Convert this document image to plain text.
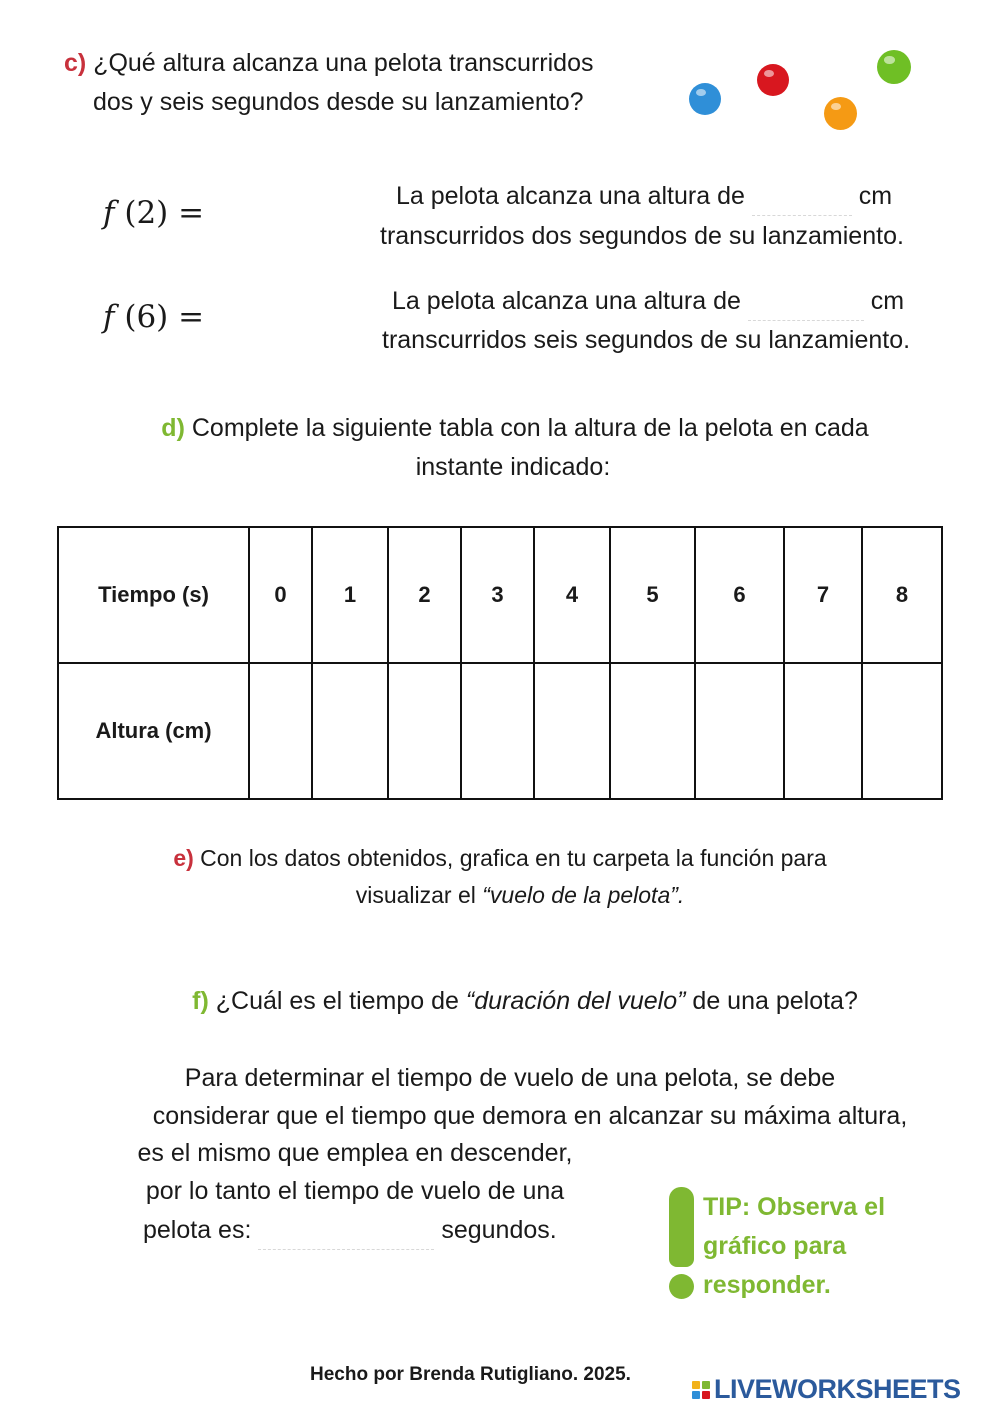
c) ¿Qué altura alcanza una pelota transcurridos
dos y seis segundos desde su lanzamiento?
f (2) =	La pelota alcanza una altura de	cm
transcurridos dos segundos de su lanzamiento.
f (6) =	La pelota alcanza una altura de	cm
transcurridos seis segundos de su lanzamiento.
d) Complete la siguiente tabla con la altura de la pelota en cada
instante indicado:
Tiempo (s)	0	1	2	3	4	5	6	7	8
Altura (cm)									
e) Con los datos obtenidos, grafica en tu carpeta la función para
visualizar el “vuelo de la pelota”.
f) ¿Cuál es el tiempo de “duración del vuelo” de una pelota?
Para determinar el tiempo de vuelo de una pelota, se debe
considerar que el tiempo que demora en alcanzar su máxima altura,
es el mismo que emplea en descender,
por lo tanto el tiempo de vuelo de una
pelota es:	segundos.
TIP: Observa el
gráfico para
responder.
Hecho por Brenda Rutigliano. 2025.	LIVEWORKSHEETS
